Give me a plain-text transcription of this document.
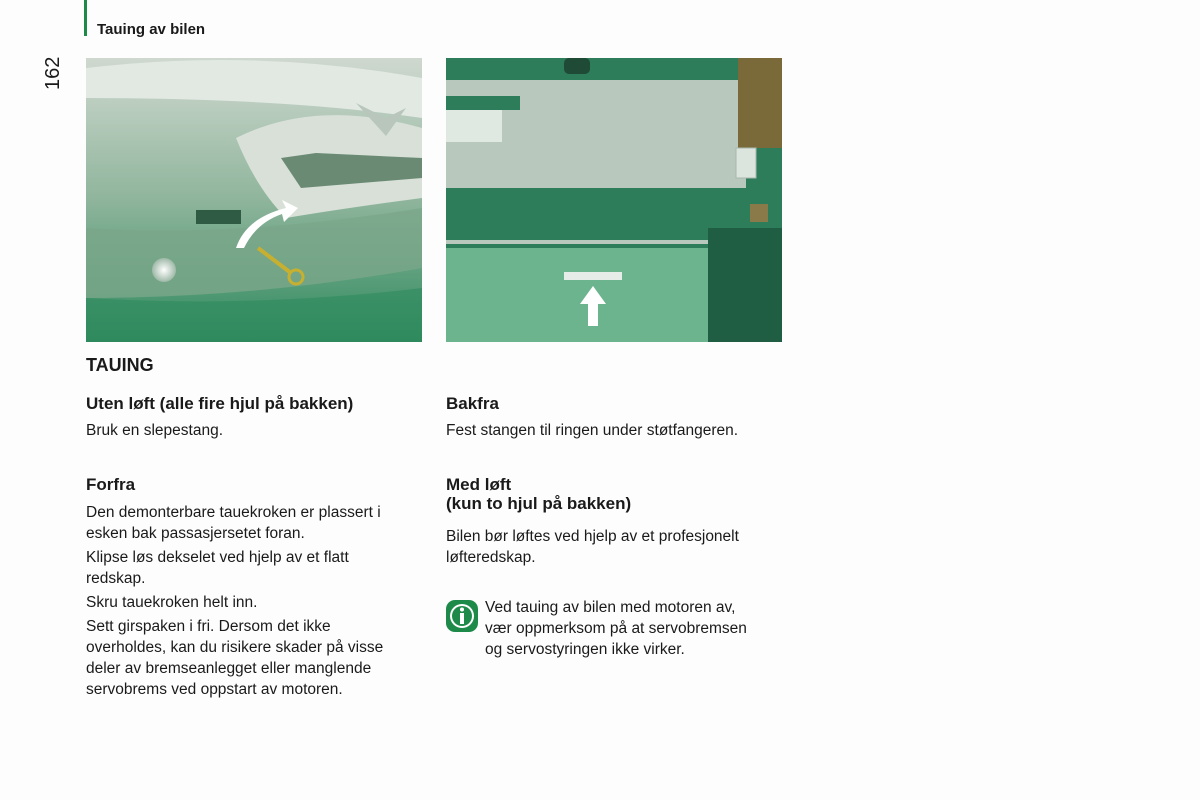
Tauing av bilen
162
TAUING
Uten løft (alle fire hjul på bakken)
Bruk en slepestang.
Forfra
Den demonterbare tauekroken er plassert i
esken bak passasjersetet foran.
Klipse løs dekselet ved hjelp av et flatt
redskap.
Skru tauekroken helt inn.
Sett girspaken i fri. Dersom det ikke
overholdes, kan du risikere skader på visse
deler av bremseanlegget eller manglende
servobrems ved oppstart av motoren.
Bakfra
Fest stangen til ringen under støtfangeren.
Med løft
(kun to hjul på bakken)
Bilen bør løftes ved hjelp av et profesjonelt
løfteredskap.
Ved tauing av bilen med motoren av,
vær oppmerksom på at servobremsen
og servostyringen ikke virker.
